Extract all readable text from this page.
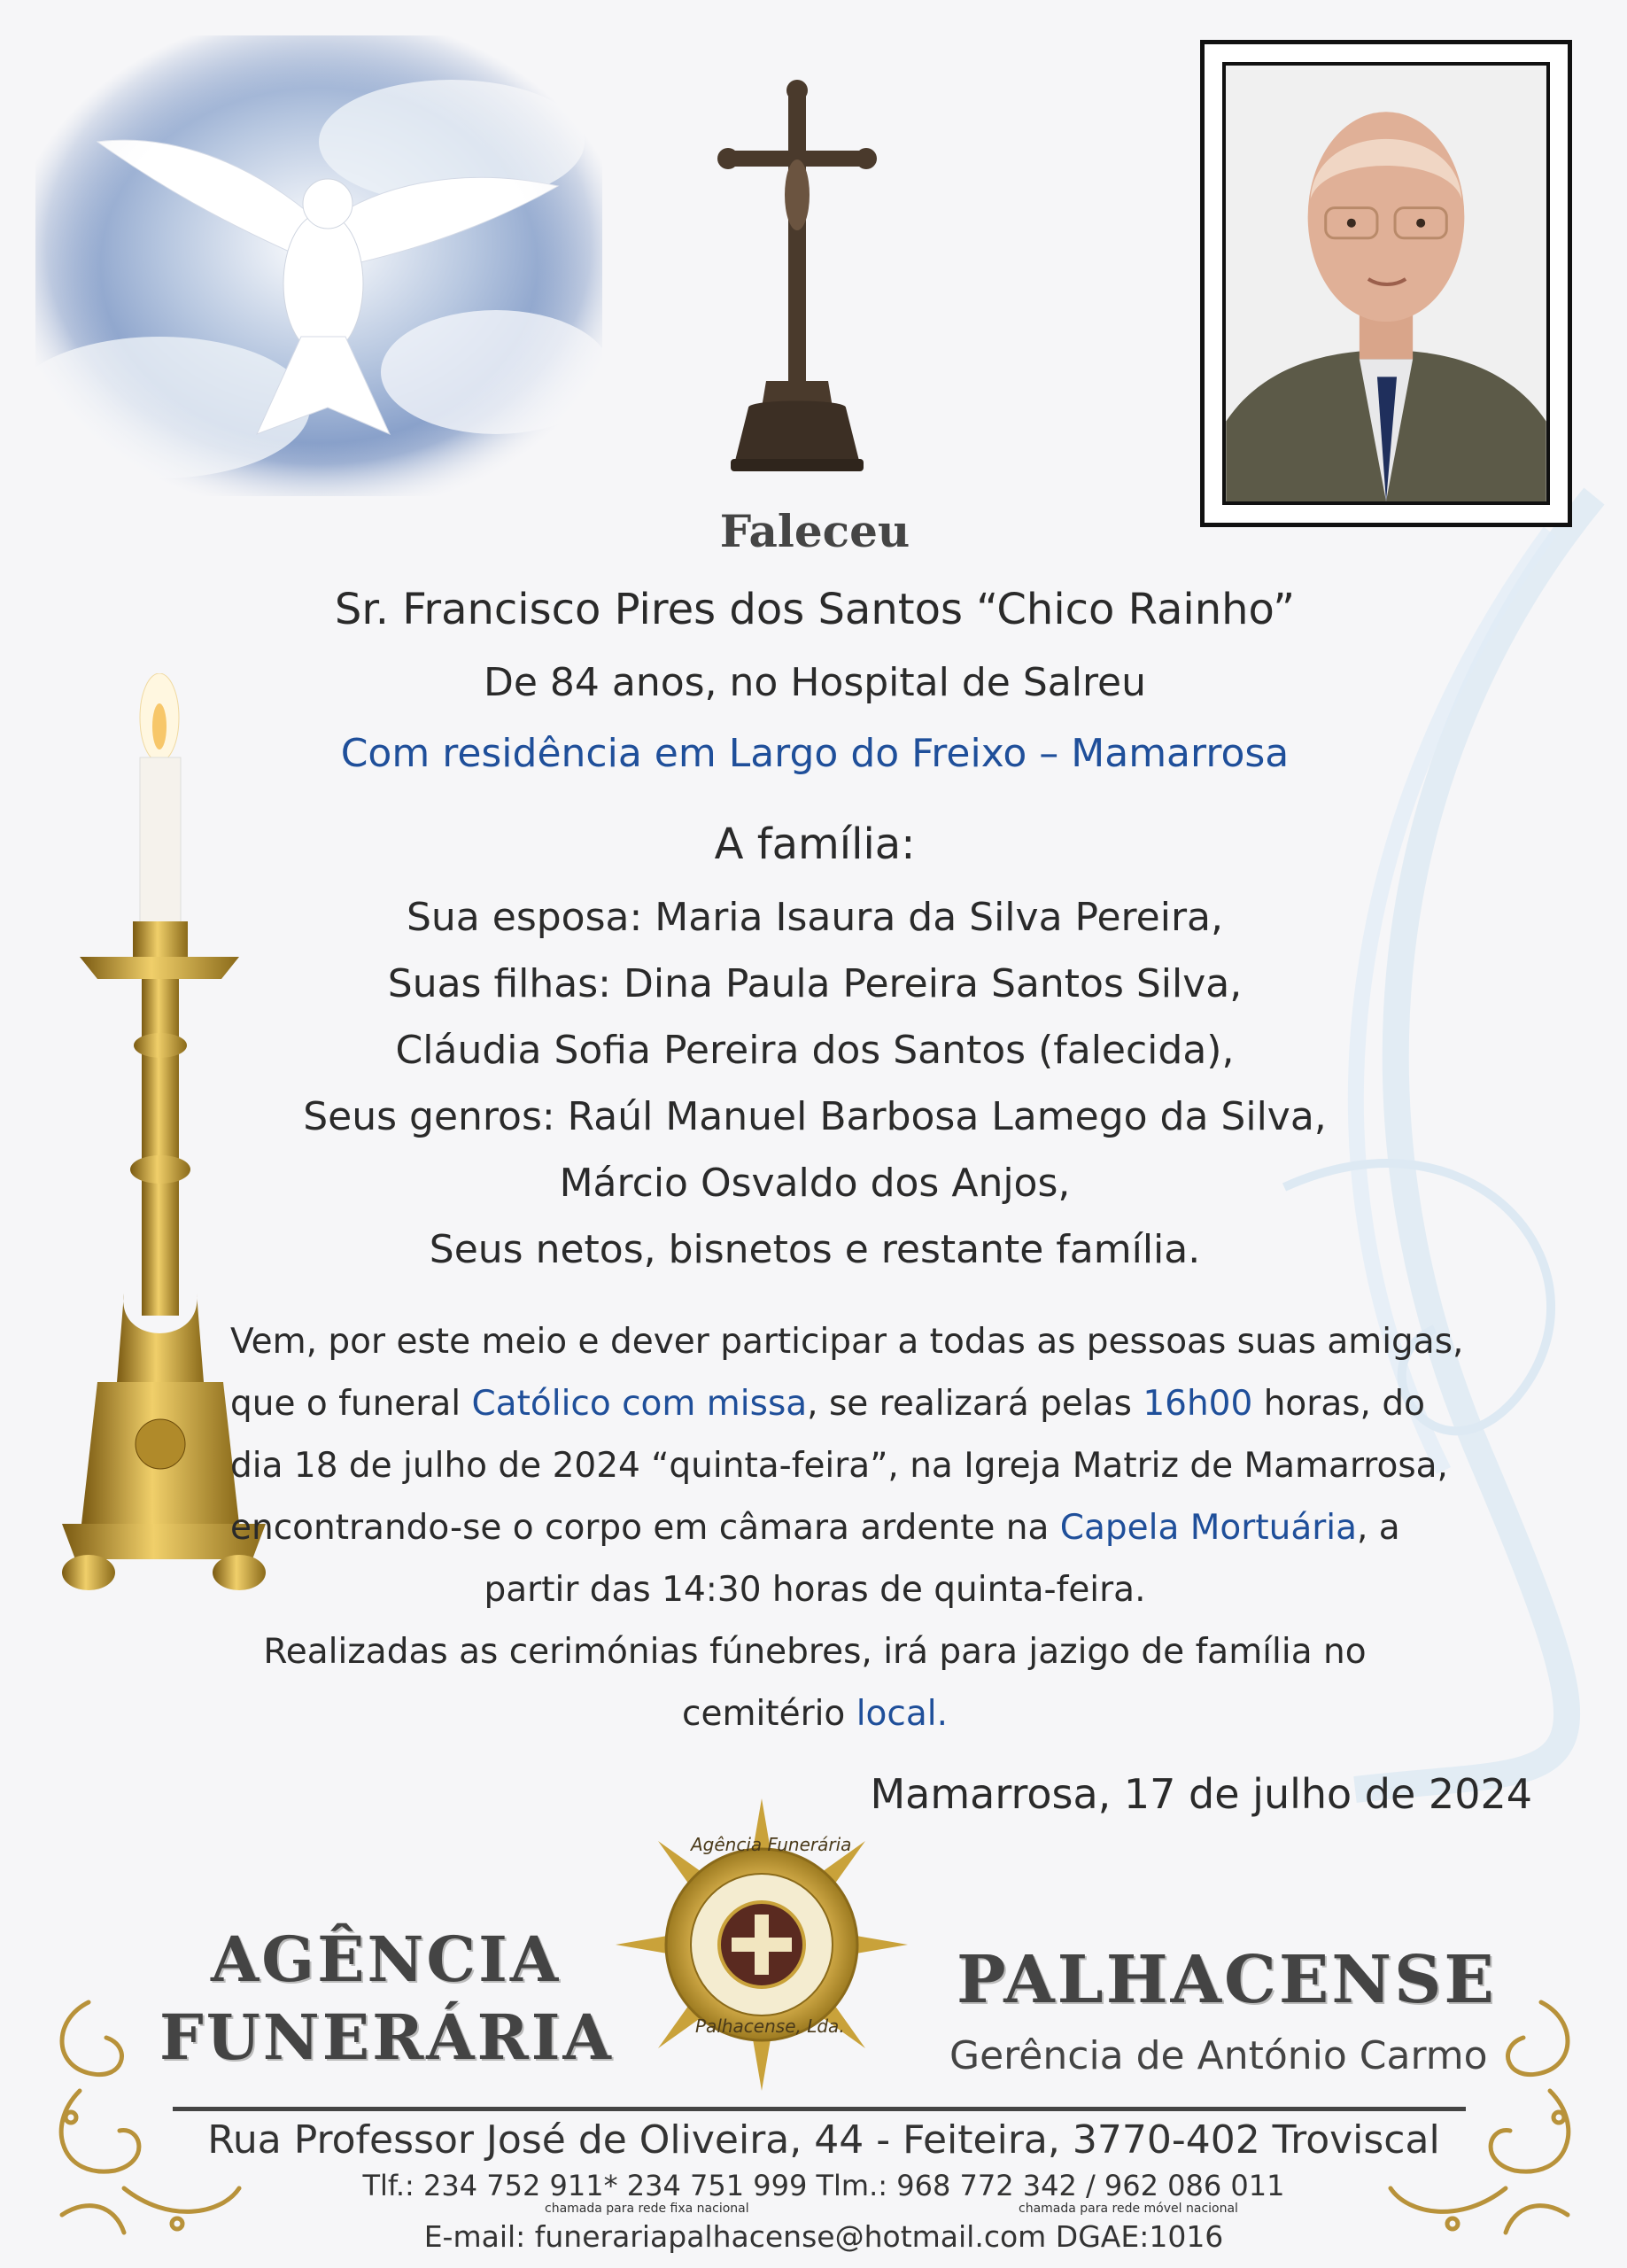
Faleceu
Sr. Francisco Pires dos Santos “Chico Rainho”
De 84 anos, no Hospital de Salreu
Com residência em Largo do Freixo – Mamarrosa
A família:
Sua esposa: Maria Isaura da Silva Pereira,
Suas filhas: Dina Paula Pereira Santos Silva,
Cláudia Sofia Pereira dos Santos (falecida),
Seus genros: Raúl Manuel Barbosa Lamego da Silva,
Márcio Osvaldo dos Anjos,
Seus netos, bisnetos e restante família.
Vem, por este meio e dever participar a todas as pessoas suas amigas,
que o funeral Católico com missa, se realizará pelas 16h00 horas, do
dia 18 de julho de 2024 “quinta-feira”, na Igreja Matriz de Mamarrosa,
encontrando-se o corpo em câmara ardente na Capela Mortuária, a
partir das 14:30 horas de quinta-feira.
Realizadas as cerimónias fúnebres, irá para jazigo de família no
cemitério local.
Mamarrosa, 17 de julho de 2024
AGÊNCIA
FUNERÁRIA
PALHACENSE
Gerência de António Carmo
Agência Funerária
Palhacense, Lda.
Rua Professor José de Oliveira, 44 - Feiteira, 3770-402 Troviscal
Tlf.: 234 752 911* 234 751 999 Tlm.: 968 772 342 / 962 086 011
chamada para rede fixa nacional	chamada para rede móvel nacional
E-mail: funerariapalhacense@hotmail.com DGAE:1016
